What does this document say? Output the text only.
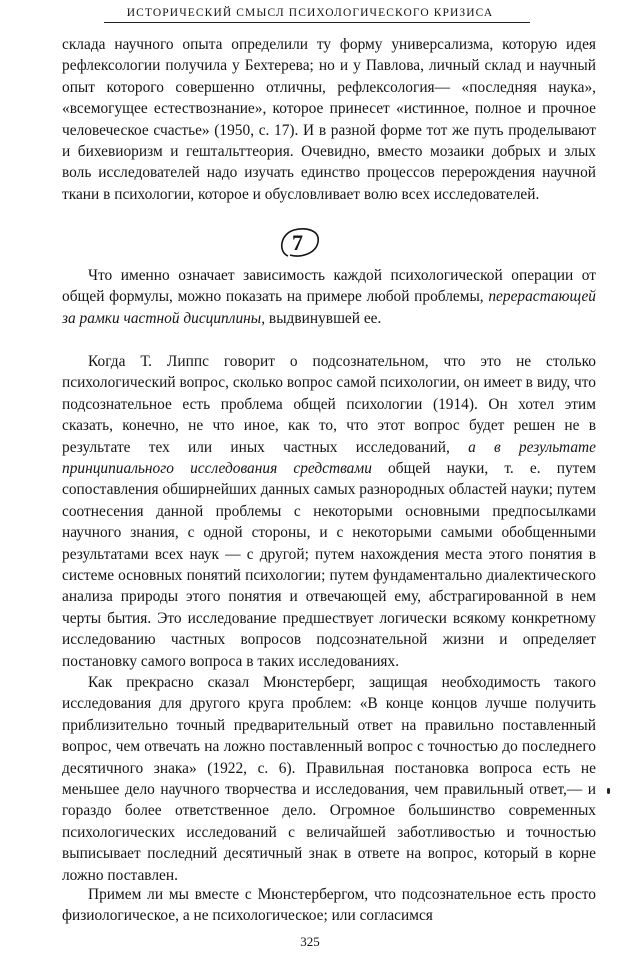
ИСТОРИЧЕСКИЙ СМЫСЛ ПСИХОЛОГИЧЕСКОГО КРИЗИСА

склада научного опыта определили ту форму универсализма, которую идея рефлексологии получила у Бехтерева; но и у Павлова, личный склад и научный опыт которого совершенно отличны, рефлексология— «последняя наука», «всемогущее естествознание», которое принесет «истинное, полное и прочное человеческое счастье» (1950, с. 17). И в разной форме тот же путь проделывают и бихевиоризм и гештальттеория. Очевидно, вместо мозаики добрых и злых воль исследователей надо изучать единство процессов перерождения научной ткани в психологии, которое и обусловливает волю всех исследователей.

7

Что именно означает зависимость каждой психологической операции от общей формулы, можно показать на примере любой проблемы, перерастающей за рамки частной дисциплины, выдвинувшей ее.

Когда Т. Липпс говорит о подсознательном, что это не столько психологический вопрос, сколько вопрос самой психологии, он имеет в виду, что подсознательное есть проблема общей психологии (1914). Он хотел этим сказать, конечно, не что иное, как то, что этот вопрос будет решен не в результате тех или иных частных исследований, а в результате принципиального исследования средствами общей науки, т. е. путем сопоставления обширнейших данных самых разнородных областей науки; путем соотнесения данной проблемы с некоторыми основными предпосылками научного знания, с одной стороны, и с некоторыми самыми обобщенными результатами всех наук — с другой; путем нахождения места этого понятия в системе основных понятий психологии; путем фундаментально диалектического анализа природы этого понятия и отвечающей ему, абстрагированной в нем черты бытия. Это исследование предшествует логически всякому конкретному исследованию частных вопросов подсознательной жизни и определяет постановку самого вопроса в таких исследованиях.

Как прекрасно сказал Мюнстерберг, защищая необходимость такого исследования для другого круга проблем: «В конце концов лучше получить приблизительно точный предварительный ответ на правильно поставленный вопрос, чем отвечать на ложно поставленный вопрос с точностью до последнего десятичного знака» (1922, с. 6). Правильная постановка вопроса есть не меньшее дело научного творчества и исследования, чем правильный ответ,— и гораздо более ответственное дело. Огромное большинство современных психологических исследований с величайшей заботливостью и точностью выписывает последний десятичный знак в ответе на вопрос, который в корне ложно поставлен.

Примем ли мы вместе с Мюнстербергом, что подсознательное есть просто физиологическое, а не психологическое; или согласимся

325
